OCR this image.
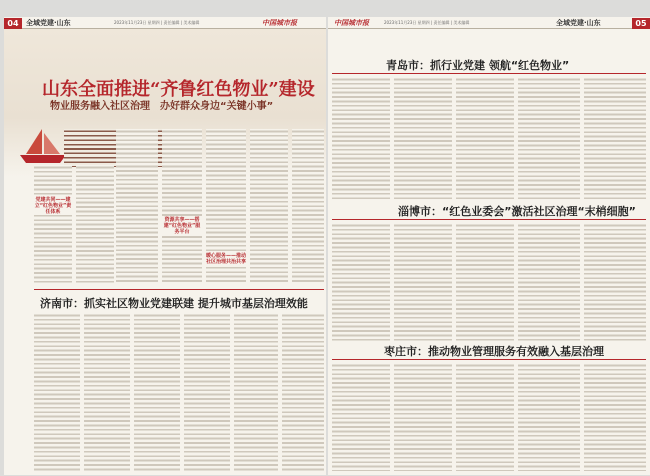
04	全域党建·山东	2023年11月23日 星期四 | 责任编辑 | 美术编辑	中国城市报
山东全面推进“齐鲁红色物业”建设
物业服务融入社区治理　办好群众身边“关键小事”
党建共同——建立“红色物业”责任体系
资源共享——搭建“红色物业”服务平台
暖心服务——推动社区治理共治共享
济南市：抓实社区物业党建联建 提升城市基层治理效能
中国城市报	2023年11月23日 星期四 | 责任编辑 | 美术编辑	全域党建·山东	05
青岛市：抓行业党建 领航“红色物业”
淄博市：“红色业委会”激活社区治理“末梢细胞”
枣庄市：推动物业管理服务有效融入基层治理
